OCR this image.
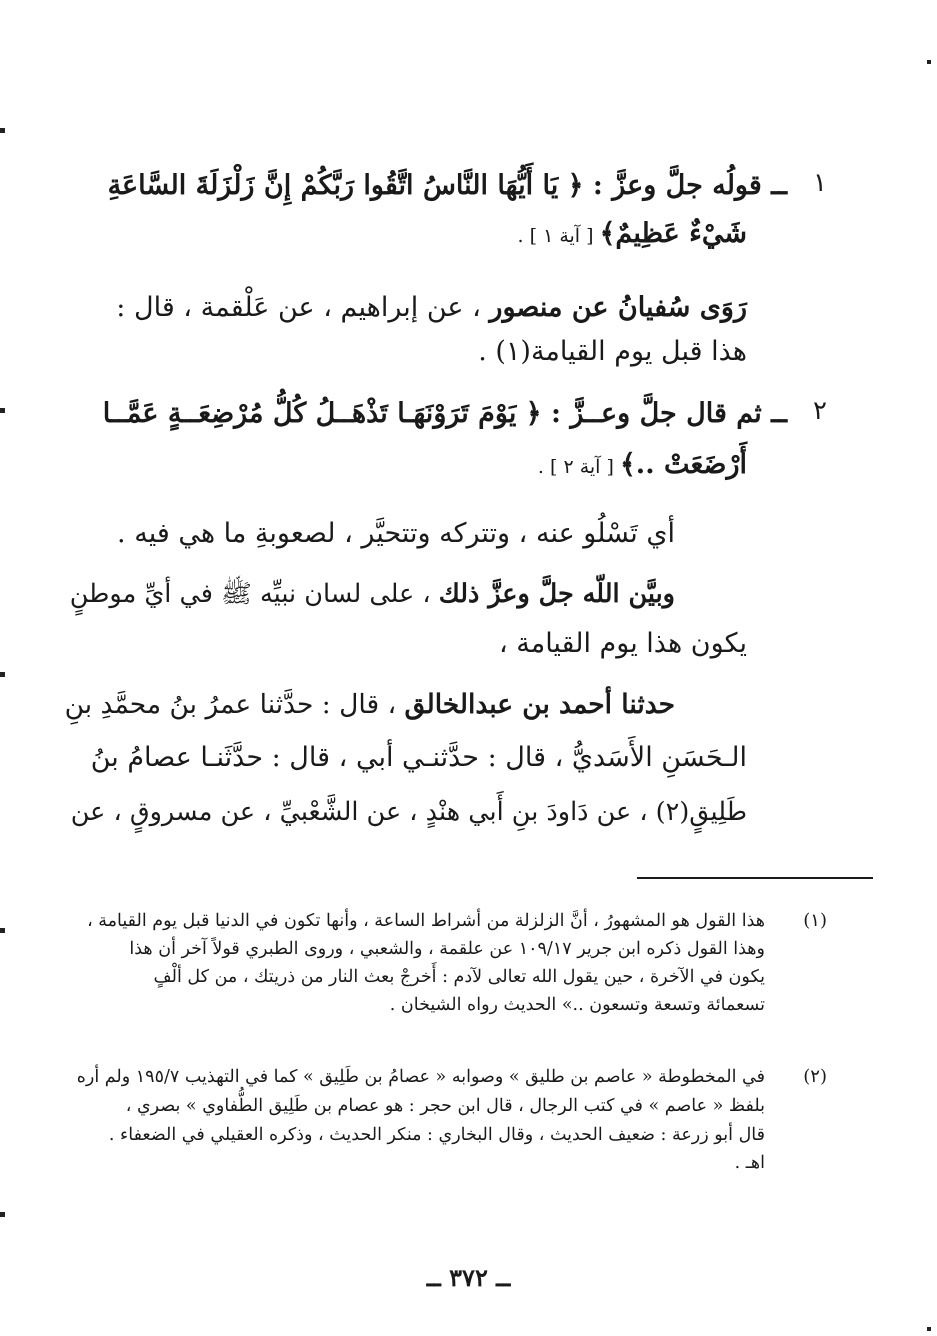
١
ــ قولُه جلَّ وعزَّ : ﴿ يَا أَيُّهَا النَّاسُ اتَّقُوا رَبَّكُمْ إِنَّ زَلْزَلَةَ السَّاعَةِ
شَيْءٌ عَظِيمٌ﴾ [ آية ١ ] .
رَوَى سُفيانُ عن منصور ، عن إبراهيم ، عن عَلْقمة ، قال :
هذا قبل يوم القيامة(١) .
٢
ــ ثم قال جلَّ وعــزَّ : ﴿ يَوْمَ تَرَوْنَهَـا تَذْهَــلُ كُلُّ مُرْضِعَــةٍ عَمَّــا
أَرْضَعَتْ ..﴾ [ آية ٢ ] .
أي تَسْلُو عنه ، وتتركه وتتحيَّر ، لصعوبةِ ما هي فيه .
وبيَّن اللّه جلَّ وعزَّ ذلك ، على لسان نبيِّه ﷺ في أيِّ موطنٍ
يكون هذا يوم القيامة ،
حدثنا أحمد بن عبدالخالق ، قال : حدَّثنا عمرُ بنُ محمَّدِ بنِ
الـحَسَنِ الأَسَديُّ ، قال : حدَّثنـي أبي ، قال : حدَّثَنـا عصامُ بنُ
طَلِيقٍ(٢) ، عن دَاودَ بنِ أَبي هنْدٍ ، عن الشَّعْبيِّ ، عن مسروقٍ ، عن
(١)
هذا القول هو المشهورُ ، أنَّ الزلزلة من أشراط الساعة ، وأنها تكون في الدنيا قبل يوم القيامة ،
وهذا القول ذكره ابن جرير ١٠٩/١٧ عن علقمة ، والشعبي ، وروى الطبري قولاً آخر أن هذا
يكون في الآخرة ، حين يقول الله تعالى لآدم : أَخرجْ بعث النار من ذريتك ، من كل ألْفٍ
تسعمائة وتسعة وتسعون ..» الحديث رواه الشيخان .
(٢)
في المخطوطة « عاصم بن طليق » وصوابه « عصامُ بن طَلِيق » كما في التهذيب ١٩٥/٧ ولم أره
بلفظ « عاصم » في كتب الرجال ، قال ابن حجر : هو عصام بن طَلِيق الطُّفاوي » بصري ،
قال أبو زرعة : ضعيف الحديث ، وقال البخاري : منكر الحديث ، وذكره العقيلي في الضعفاء .
اهـ .
ــ ٣٧٢ ــ
